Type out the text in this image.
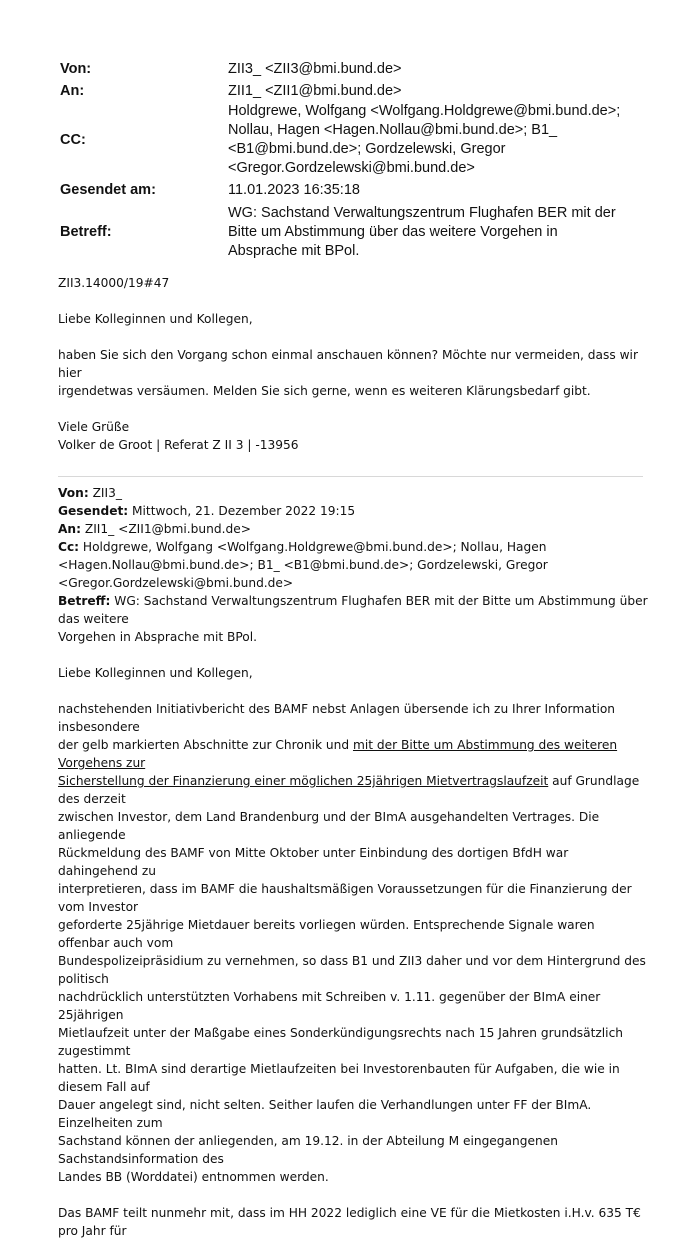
Von:	ZII3_ <ZII3@bmi.bund.de>
An:	ZII1_ <ZII1@bmi.bund.de>
CC:
Holdgrewe, Wolfgang <Wolfgang.Holdgrewe@bmi.bund.de>;
Nollau, Hagen <Hagen.Nollau@bmi.bund.de>; B1_
<B1@bmi.bund.de>; Gordzelewski, Gregor
<Gregor.Gordzelewski@bmi.bund.de>
Gesendet am:	11.01.2023 16:35:18
Betreff:
WG: Sachstand Verwaltungszentrum Flughafen BER mit der
Bitte um Abstimmung über das weitere Vorgehen in
Absprache mit BPol.

ZII3.14000/19#47

Liebe Kolleginnen und Kollegen,

haben Sie sich den Vorgang schon einmal anschauen können? Möchte nur vermeiden, dass wir hier

irgendetwas versäumen. Melden Sie sich gerne, wenn es weiteren Klärungsbedarf gibt.

Viele Grüße

Volker de Groot | Referat Z II 3 | -13956

Von: ZII3_

Gesendet: Mittwoch, 21. Dezember 2022 19:15

An: ZII1_ <ZII1@bmi.bund.de>

Cc: Holdgrewe, Wolfgang <Wolfgang.Holdgrewe@bmi.bund.de>; Nollau, Hagen

<Hagen.Nollau@bmi.bund.de>; B1_ <B1@bmi.bund.de>; Gordzelewski, Gregor

<Gregor.Gordzelewski@bmi.bund.de>

Betreff: WG: Sachstand Verwaltungszentrum Flughafen BER mit der Bitte um Abstimmung über das weitere

Vorgehen in Absprache mit BPol.

Liebe Kolleginnen und Kollegen,

nachstehenden Initiativbericht des BAMF nebst Anlagen übersende ich zu Ihrer Information insbesondere

der gelb markierten Abschnitte zur Chronik und mit der Bitte um Abstimmung des weiteren Vorgehens zur

Sicherstellung der Finanzierung einer möglichen 25jährigen Mietvertragslaufzeit auf Grundlage des derzeit

zwischen Investor, dem Land Brandenburg und der BImA ausgehandelten Vertrages. Die anliegende

Rückmeldung des BAMF von Mitte Oktober unter Einbindung des dortigen BfdH war dahingehend zu

interpretieren, dass im BAMF die haushaltsmäßigen Voraussetzungen für die Finanzierung der vom Investor

geforderte 25jährige Mietdauer bereits vorliegen würden. Entsprechende Signale waren offenbar auch vom

Bundespolizeipräsidium zu vernehmen, so dass B1 und ZII3 daher und vor dem Hintergrund des politisch

nachdrücklich unterstützten Vorhabens mit Schreiben v. 1.11. gegenüber der BImA einer 25jährigen

Mietlaufzeit unter der Maßgabe eines Sonderkündigungsrechts nach 15 Jahren grundsätzlich zugestimmt

hatten. Lt. BImA sind derartige Mietlaufzeiten bei Investorenbauten für Aufgaben, die wie in diesem Fall auf

Dauer angelegt sind, nicht selten. Seither laufen die Verhandlungen unter FF der BImA. Einzelheiten zum

Sachstand können der anliegenden, am 19.12. in der Abteilung M eingegangenen Sachstandsinformation des

Landes BB (Worddatei) entnommen werden.

Das BAMF teilt nunmehr mit, dass im HH 2022 lediglich eine VE für die Mietkosten i.H.v. 635 T€ pro Jahr für
